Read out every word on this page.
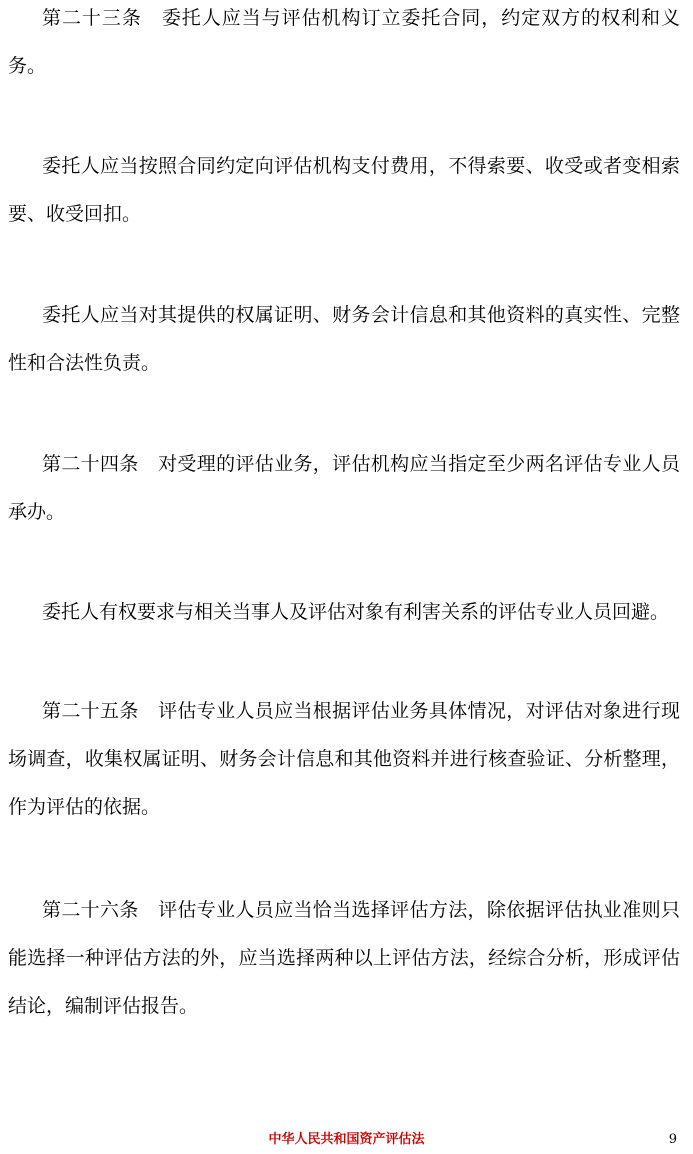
第二十三条　 委托人应当与评估机构订立委托合同，约定双方的权利和义务。

委托人应当按照合同约定向评估机构支付费用，不得索要、收受或者变相索要、收受回扣。

委托人应当对其提供的权属证明、财务会计信息和其他资料的真实性、完整性和合法性负责。

第二十四条　 对受理的评估业务，评估机构应当指定至少两名评估专业人员承办。

委托人有权要求与相关当事人及评估对象有利害关系的评估专业人员回避。

第二十五条　 评估专业人员应当根据评估业务具体情况，对评估对象进行现场调查，收集权属证明、财务会计信息和其他资料并进行核查验证、分析整理，作为评估的依据。

第二十六条　 评估专业人员应当恰当选择评估方法，除依据评估执业准则只能选择一种评估方法的外，应当选择两种以上评估方法，经综合分析，形成评估结论，编制评估报告。

中华人民共和国资产评估法	9
